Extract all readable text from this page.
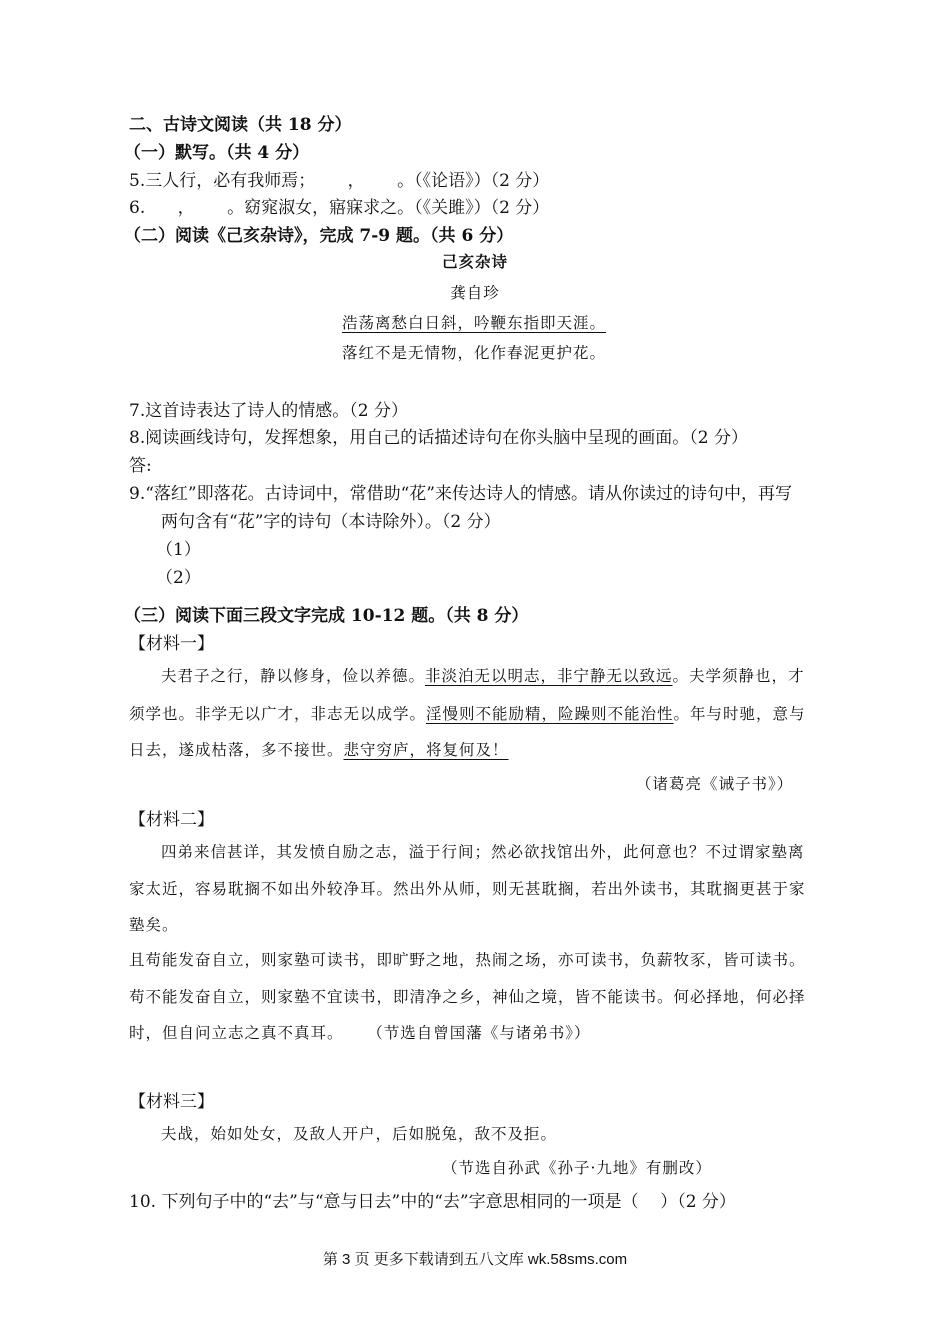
二、古诗文阅读（共 18 分）
（一）默写。（共 4 分）
5.三人行，必有我师焉；      ，      。（《论语》）（2 分）
6.      ，      。窈窕淑女，寤寐求之。（《关雎》）（2 分）
（二）阅读《己亥杂诗》，完成 7-9 题。（共 6 分）
己亥杂诗
龚自珍
浩荡离愁白日斜，吟鞭东指即天涯。
落红不是无情物，化作春泥更护花。
7.这首诗表达了诗人的情感。（2 分）
8.阅读画线诗句，发挥想象，用自己的话描述诗句在你头脑中呈现的画面。（2 分）
答:
9.“落红”即落花。古诗词中，常借助“花”来传达诗人的情感。请从你读过的诗句中，再写
两句含有“花”字的诗句（本诗除外）。（2 分）
（1）
（2）
（三）阅读下面三段文字完成 10-12 题。（共 8 分）
【材料一】
夫君子之行，静以修身，俭以养德。非淡泊无以明志，非宁静无以致远。夫学须静也，才
须学也。非学无以广才，非志无以成学。淫慢则不能励精，险躁则不能治性。年与时驰，意与
日去，遂成枯落，多不接世。悲守穷庐，将复何及！
（诸葛亮《诫子书》）
【材料二】
四弟来信甚详，其发愤自励之志，溢于行间；然必欲找馆出外，此何意也？不过谓家塾离
家太近，容易耽搁不如出外较净耳。然出外从师，则无甚耽搁，若出外读书，其耽搁更甚于家
塾矣。
且苟能发奋自立，则家塾可读书，即旷野之地，热闹之场，亦可读书，负薪牧豕，皆可读书。
苟不能发奋自立，则家塾不宜读书，即清净之乡，神仙之境，皆不能读书。何必择地，何必择
时，但自问立志之真不真耳。    （节选自曾国藩《与诸弟书》）
【材料三】
夫战，始如处女，及敌人开户，后如脱兔，敌不及拒。
（节选自孙武《孙子·九地》有删改）
10. 下列句子中的“去”与“意与日去”中的“去”字意思相同的一项是（    ）（2 分）
第 3 页 更多下载请到五八文库 wk.58sms.com
